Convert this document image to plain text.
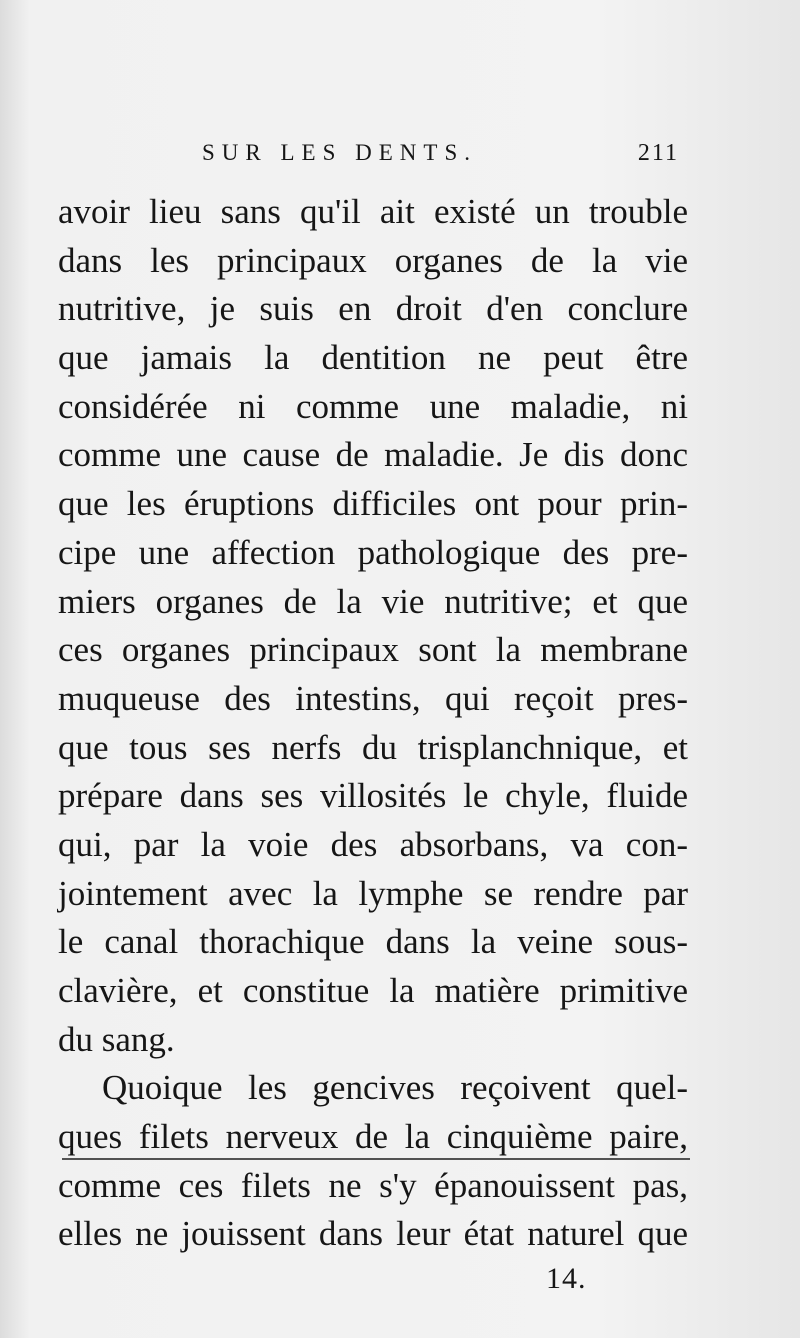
SUR LES DENTS.	211
avoir lieu sans qu'il ait existé un trouble
dans les principaux organes de la vie
nutritive, je suis en droit d'en conclure
que jamais la dentition ne peut être
considérée ni comme une maladie, ni
comme une cause de maladie. Je dis donc
que les éruptions difficiles ont pour prin-
cipe une affection pathologique des pre-
miers organes de la vie nutritive; et que
ces organes principaux sont la membrane
muqueuse des intestins, qui reçoit pres-
que tous ses nerfs du trisplanchnique, et
prépare dans ses villosités le chyle, fluide
qui, par la voie des absorbans, va con-
jointement avec la lymphe se rendre par
le canal thorachique dans la veine sous-
clavière, et constitue la matière primitive
du sang.
Quoique les gencives reçoivent quel-
ques filets nerveux de la cinquième paire,
comme ces filets ne s'y épanouissent pas,
elles ne jouissent dans leur état naturel que
14.
